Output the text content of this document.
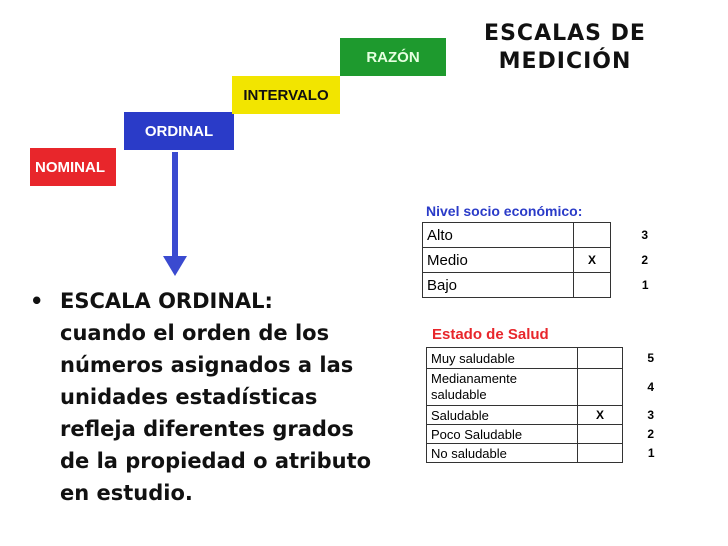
NOMINAL
ORDINAL
INTERVALO
RAZÓN
ESCALAS DE
MEDICIÓN
• ESCALA ORDINAL:
cuando el orden de los
números asignados a las
unidades estadísticas
refleja diferentes grados
de la propiedad o atributo
en estudio.
Nivel socio económico:
Alto		3
Medio	X	2
Bajo		1
Estado de Salud
Muy saludable		5
Medianamente saludable		4
Saludable	X	3
Poco Saludable		2
No saludable		1
